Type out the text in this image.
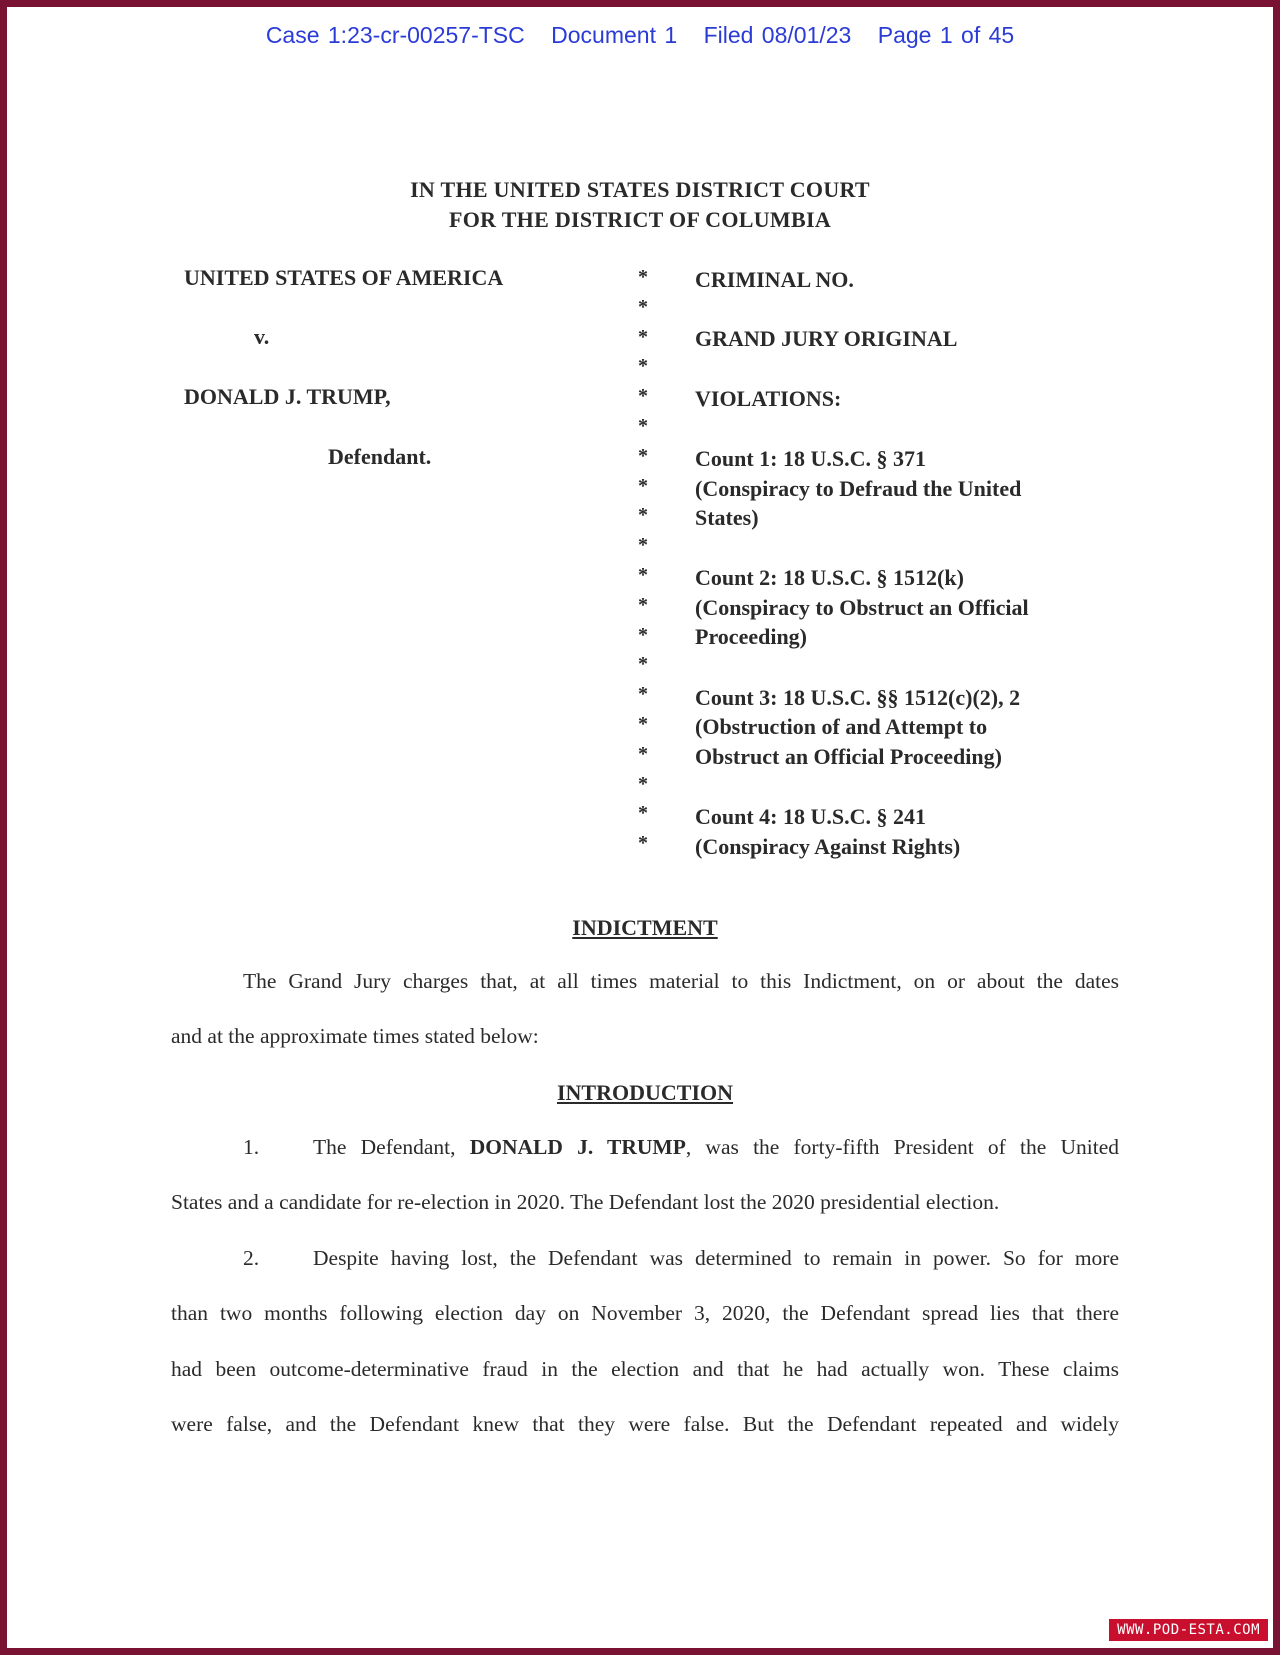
Case 1:23-cr-00257-TSC Document 1 Filed 08/01/23 Page 1 of 45
IN THE UNITED STATES DISTRICT COURT
FOR THE DISTRICT OF COLUMBIA
UNITED STATES OF AMERICA
v.
DONALD J. TRUMP,
Defendant.
*
*
*
*
*
*
*
*
*
*
*
*
*
*
*
*
*
*
*
*
CRIMINAL NO.
GRAND JURY ORIGINAL
VIOLATIONS:
Count 1: 18 U.S.C. § 371
(Conspiracy to Defraud the United
States)
Count 2: 18 U.S.C. § 1512(k)
(Conspiracy to Obstruct an Official
Proceeding)
Count 3: 18 U.S.C. §§ 1512(c)(2), 2
(Obstruction of and Attempt to
Obstruct an Official Proceeding)
Count 4: 18 U.S.C. § 241
(Conspiracy Against Rights)
INDICTMENT
The Grand Jury charges that, at all times material to this Indictment, on or about the dates
and at the approximate times stated below:
INTRODUCTION
1.	The Defendant, DONALD J. TRUMP, was the forty-fifth President of the United
States and a candidate for re-election in 2020. The Defendant lost the 2020 presidential election.
2.	Despite having lost, the Defendant was determined to remain in power. So for more
than two months following election day on November 3, 2020, the Defendant spread lies that there
had been outcome-determinative fraud in the election and that he had actually won. These claims
were false, and the Defendant knew that they were false. But the Defendant repeated and widely
WWW.POD-ESTA.COM
